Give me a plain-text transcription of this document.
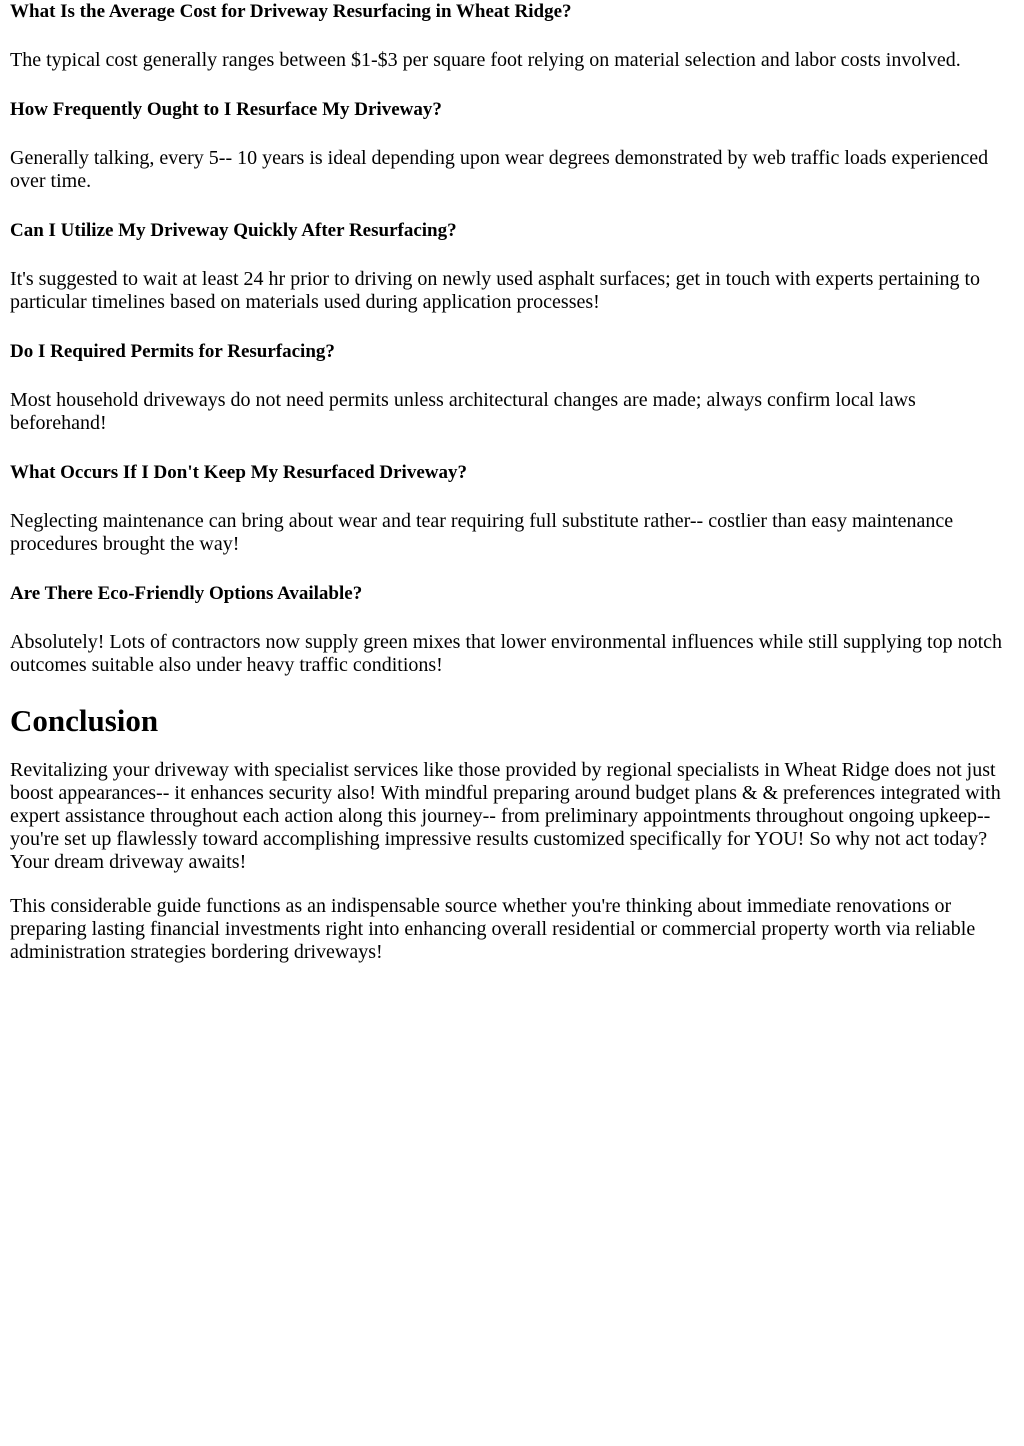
What Is the Average Cost for Driveway Resurfacing in Wheat Ridge?

The typical cost generally ranges between $1-$3 per square foot relying on material selection and labor costs involved.

How Frequently Ought to I Resurface My Driveway?

Generally talking, every 5-- 10 years is ideal depending upon wear degrees demonstrated by web traffic loads experienced over time.

Can I Utilize My Driveway Quickly After Resurfacing?

It's suggested to wait at least 24 hr prior to driving on newly used asphalt surfaces; get in touch with experts pertaining to particular timelines based on materials used during application processes!

Do I Required Permits for Resurfacing?

Most household driveways do not need permits unless architectural changes are made; always confirm local laws beforehand!

What Occurs If I Don't Keep My Resurfaced Driveway?

Neglecting maintenance can bring about wear and tear requiring full substitute rather-- costlier than easy maintenance procedures brought the way!

Are There Eco-Friendly Options Available?

Absolutely! Lots of contractors now supply green mixes that lower environmental influences while still supplying top notch outcomes suitable also under heavy traffic conditions!

Conclusion

Revitalizing your driveway with specialist services like those provided by regional specialists in Wheat Ridge does not just boost appearances-- it enhances security also! With mindful preparing around budget plans & & preferences integrated with expert assistance throughout each action along this journey-- from preliminary appointments throughout ongoing upkeep-- you're set up flawlessly toward accomplishing impressive results customized specifically for YOU! So why not act today? Your dream driveway awaits!

This considerable guide functions as an indispensable source whether you're thinking about immediate renovations or preparing lasting financial investments right into enhancing overall residential or commercial property worth via reliable administration strategies bordering driveways!
